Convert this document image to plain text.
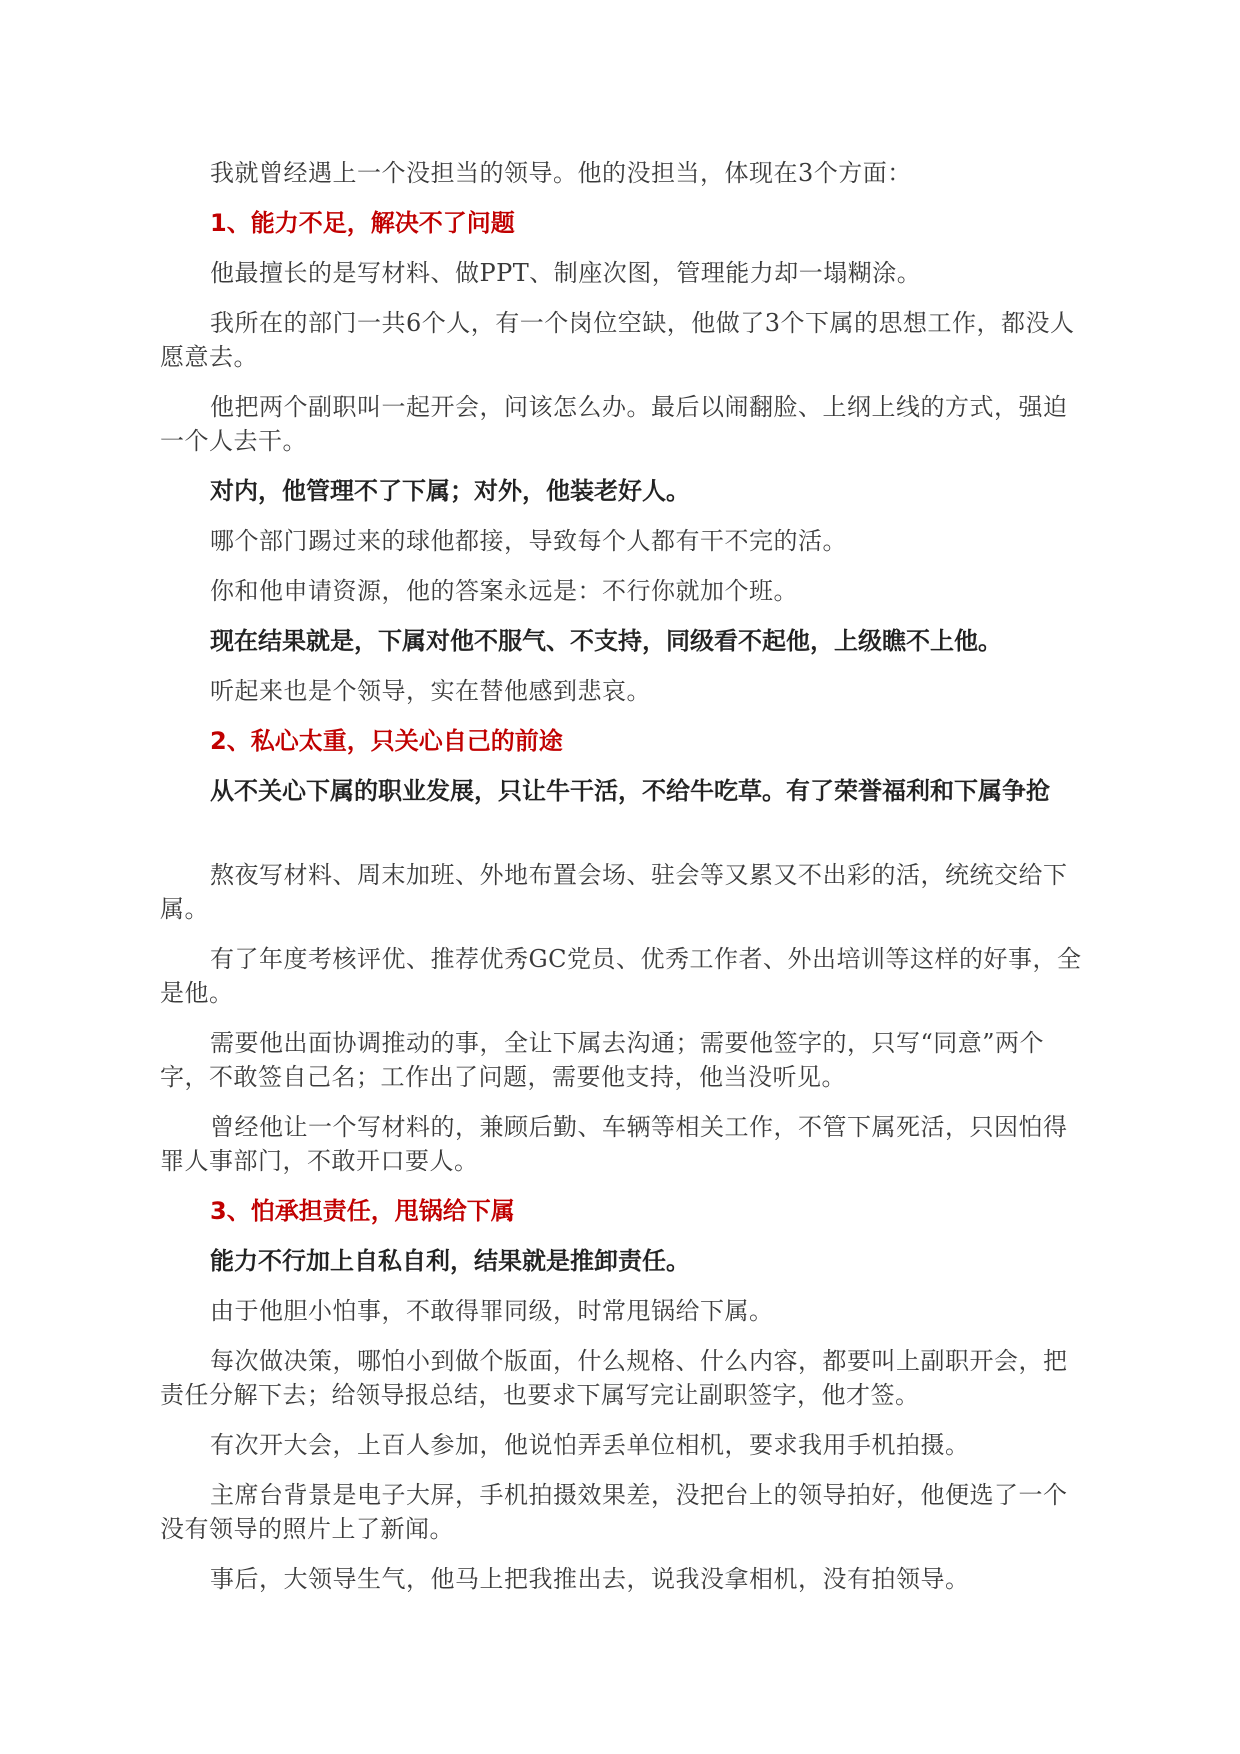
我就曾经遇上一个没担当的领导。他的没担当，体现在3个方面：

1、能力不足，解决不了问题

他最擅长的是写材料、做PPT、制座次图，管理能力却一塌糊涂。

我所在的部门一共6个人，有一个岗位空缺，他做了3个下属的思想工作，都没人愿意去。

他把两个副职叫一起开会，问该怎么办。最后以闹翻脸、上纲上线的方式，强迫一个人去干。

对内，他管理不了下属；对外，他装老好人。

哪个部门踢过来的球他都接，导致每个人都有干不完的活。

你和他申请资源，他的答案永远是：不行你就加个班。

现在结果就是，下属对他不服气、不支持，同级看不起他，上级瞧不上他。

听起来也是个领导，实在替他感到悲哀。

2、私心太重，只关心自己的前途

从不关心下属的职业发展，只让牛干活，不给牛吃草。有了荣誉福利和下属争抢

熬夜写材料、周末加班、外地布置会场、驻会等又累又不出彩的活，统统交给下属。

有了年度考核评优、推荐优秀GC党员、优秀工作者、外出培训等这样的好事，全是他。

需要他出面协调推动的事，全让下属去沟通；需要他签字的，只写“同意”两个字，不敢签自己名；工作出了问题，需要他支持，他当没听见。

曾经他让一个写材料的，兼顾后勤、车辆等相关工作，不管下属死活，只因怕得罪人事部门，不敢开口要人。

3、怕承担责任，甩锅给下属

能力不行加上自私自利，结果就是推卸责任。

由于他胆小怕事，不敢得罪同级，时常甩锅给下属。

每次做决策，哪怕小到做个版面，什么规格、什么内容，都要叫上副职开会，把责任分解下去；给领导报总结，也要求下属写完让副职签字，他才签。

有次开大会，上百人参加，他说怕弄丢单位相机，要求我用手机拍摄。

主席台背景是电子大屏，手机拍摄效果差，没把台上的领导拍好，他便选了一个没有领导的照片上了新闻。

事后，大领导生气，他马上把我推出去，说我没拿相机，没有拍领导。
